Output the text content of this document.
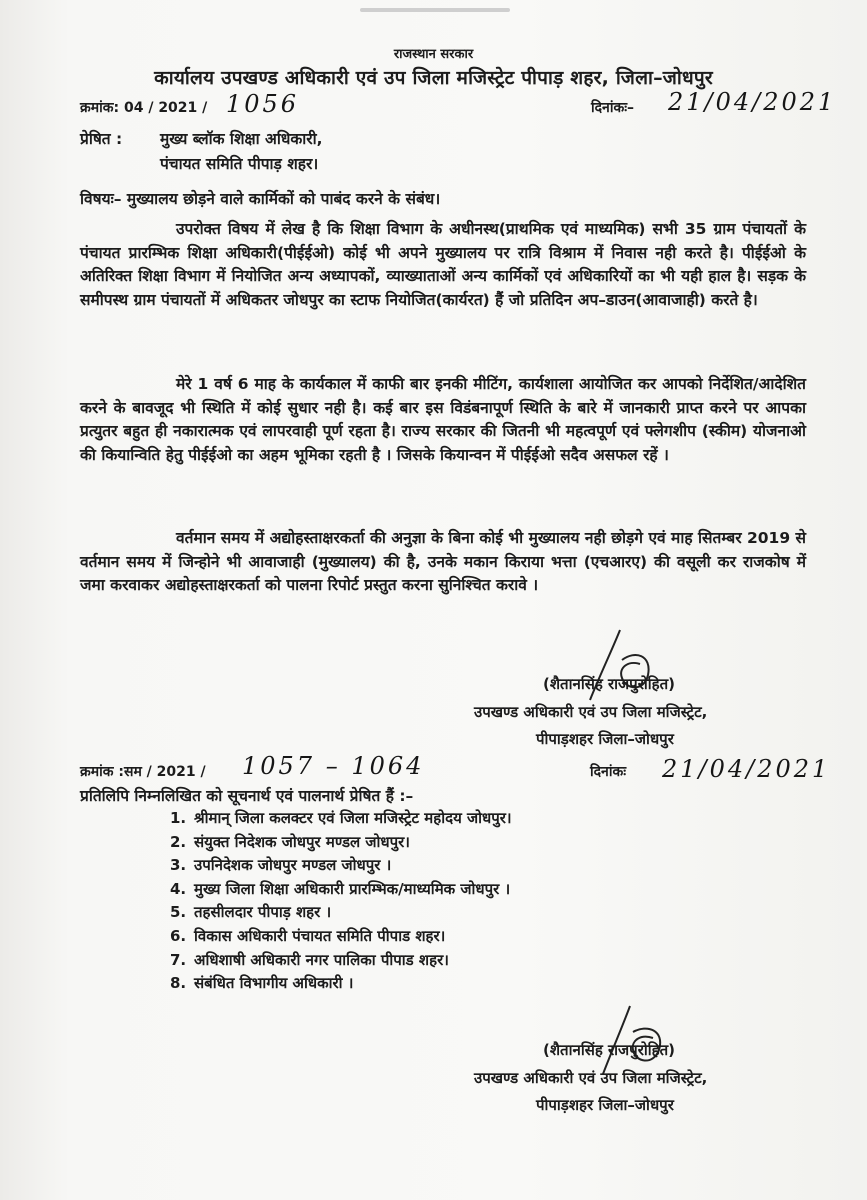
राजस्थान सरकार
कार्यालय उपखण्ड अधिकारी एवं उप जिला मजिस्ट्रेट पीपाड़ शहर, जिला–जोधपुर
क्रमांक: 04 / 2021 / 1056	दिनांकः– 21/04/2021
प्रेषित : मुख्य ब्लॉक शिक्षा अधिकारी,
पंचायत समिति पीपाड़ शहर।
विषयः– मुख्यालय छोड़ने वाले कार्मिकों को पाबंद करने के संबंध।
उपरोक्त विषय में लेख है कि शिक्षा विभाग के अधीनस्थ(प्राथमिक एवं माध्यमिक) सभी 35 ग्राम पंचायतों के पंचायत प्रारम्भिक शिक्षा अधिकारी(पीईईओ) कोई भी अपने मुख्यालय पर रात्रि विश्राम में निवास नही करते है। पीईईओ के अतिरिक्त शिक्षा विभाग में नियोजित अन्य अध्यापकों, व्याख्याताओं अन्य कार्मिकों एवं अधिकारियों का भी यही हाल है। सड़क के समीपस्थ ग्राम पंचायतों में अधिकतर जोधपुर का स्टाफ नियोजित(कार्यरत) हैं जो प्रतिदिन अप–डाउन(आवाजाही) करते है।
मेरे 1 वर्ष 6 माह के कार्यकाल में काफी बार इनकी मीटिंग, कार्यशाला आयोजित कर आपको निर्देशित/आदेशित करने के बावजूद भी स्थिति में कोई सुधार नही है। कई बार इस विडंबनापूर्ण स्थिति के बारे में जानकारी प्राप्त करने पर आपका प्रत्युतर बहुत ही नकारात्मक एवं लापरवाही पूर्ण रहता है। राज्य सरकार की जितनी भी महत्वपूर्ण एवं फ्लेगशीप (स्कीम) योजनाओ की कियान्विति हेतु पीईईओ का अहम भूमिका रहती है । जिसके कियान्वन में पीईईओ सदैव असफल रहें ।
वर्तमान समय में अद्योहस्ताक्षरकर्ता की अनुज्ञा के बिना कोई भी मुख्यालय नही छोड़गे एवं माह सितम्बर 2019 से वर्तमान समय में जिन्होने भी आवाजाही (मुख्यालय) की है, उनके मकान किराया भत्ता (एचआरए) की वसूली कर राजकोष में जमा करवाकर अद्योहस्ताक्षरकर्ता को पालना रिपोर्ट प्रस्तुत करना सुनिश्चित करावे ।
(शैतानसिंह राजपुरोहित)
उपखण्ड अधिकारी एवं उप जिला मजिस्ट्रेट,
पीपाड़शहर जिला–जोधपुर
क्रमांक :सम / 2021 / 1057 – 1064	दिनांकः 21/04/2021
प्रतिलिपि निम्नलिखित को सूचनार्थ एवं पालनार्थ प्रेषित हैं :–
1. श्रीमान् जिला कलक्टर एवं जिला मजिस्ट्रेट महोदय जोधपुर।
2. संयुक्त निदेशक जोधपुर मण्डल जोधपुर।
3. उपनिदेशक जोधपुर मण्डल जोधपुर ।
4. मुख्य जिला शिक्षा अधिकारी प्रारम्भिक/माध्यमिक जोधपुर ।
5. तहसीलदार पीपाड़ शहर ।
6. विकास अधिकारी पंचायत समिति पीपाड शहर।
7. अधिशाषी अधिकारी नगर पालिका पीपाड शहर।
8. संबंधित विभागीय अधिकारी ।
(शैतानसिंह राजपुरोहित)
उपखण्ड अधिकारी एवं उप जिला मजिस्ट्रेट,
पीपाड़शहर जिला–जोधपुर
